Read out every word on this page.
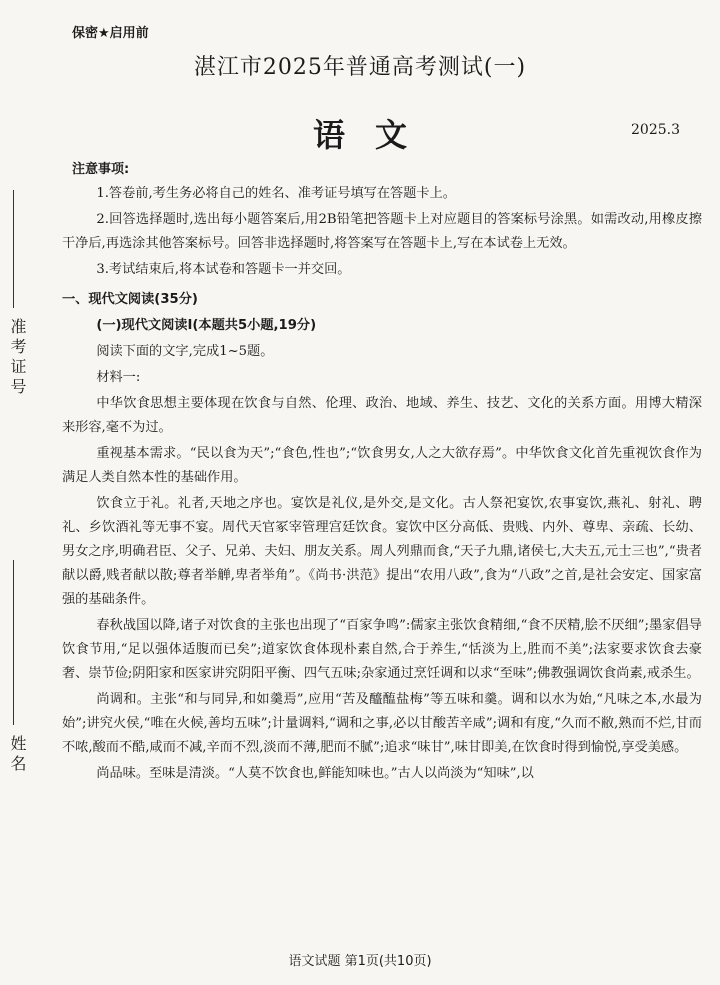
保密★启用前
湛江市2025年普通高考测试(一)
语文	2025.3
准考证号
姓名
注意事项:

1.答卷前,考生务必将自己的姓名、准考证号填写在答题卡上。

2.回答选择题时,选出每小题答案后,用2B铅笔把答题卡上对应题目的答案标号涂黑。如需改动,用橡皮擦干净后,再选涂其他答案标号。回答非选择题时,将答案写在答题卡上,写在本试卷上无效。

3.考试结束后,将本试卷和答题卡一并交回。

一、现代文阅读(35分)
(一)现代文阅读Ⅰ(本题共5小题,19分)

阅读下面的文字,完成1~5题。

材料一:

中华饮食思想主要体现在饮食与自然、伦理、政治、地域、养生、技艺、文化的关系方面。用博大精深来形容,毫不为过。

重视基本需求。“民以食为天”;“食色,性也”;“饮食男女,人之大欲存焉”。中华饮食文化首先重视饮食作为满足人类自然本性的基础作用。

饮食立于礼。礼者,天地之序也。宴饮是礼仪,是外交,是文化。古人祭祀宴饮,农事宴饮,燕礼、射礼、聘礼、乡饮酒礼等无事不宴。周代天官冢宰管理宫廷饮食。宴饮中区分高低、贵贱、内外、尊卑、亲疏、长幼、男女之序,明确君臣、父子、兄弟、夫妇、朋友关系。周人列鼎而食,“天子九鼎,诸侯七,大夫五,元士三也”,“贵者献以爵,贱者献以散;尊者举觯,卑者举角”。《尚书·洪范》提出“农用八政”,食为“八政”之首,是社会安定、国家富强的基础条件。

春秋战国以降,诸子对饮食的主张也出现了“百家争鸣”:儒家主张饮食精细,“食不厌精,脍不厌细”;墨家倡导饮食节用,“足以强体适腹而已矣”;道家饮食体现朴素自然,合于养生,“恬淡为上,胜而不美”;法家要求饮食去豪奢、崇节俭;阴阳家和医家讲究阴阳平衡、四气五味;杂家通过烹饪调和以求“至味”;佛教强调饮食尚素,戒杀生。

尚调和。主张“和与同异,和如羹焉”,应用“苦及醯醢盐梅”等五味和羹。调和以水为始,“凡味之本,水最为始”;讲究火侯,“唯在火候,善均五味”;计量调料,“调和之事,必以甘酸苦辛咸”;调和有度,“久而不敝,熟而不烂,甘而不哝,酸而不酷,咸而不减,辛而不烈,淡而不薄,肥而不腻”;追求“味甘”,味甘即美,在饮食时得到愉悦,享受美感。

尚品味。至味是清淡。“人莫不饮食也,鲜能知味也。”古人以尚淡为“知味”,以

语文试题 第1页(共10页)
